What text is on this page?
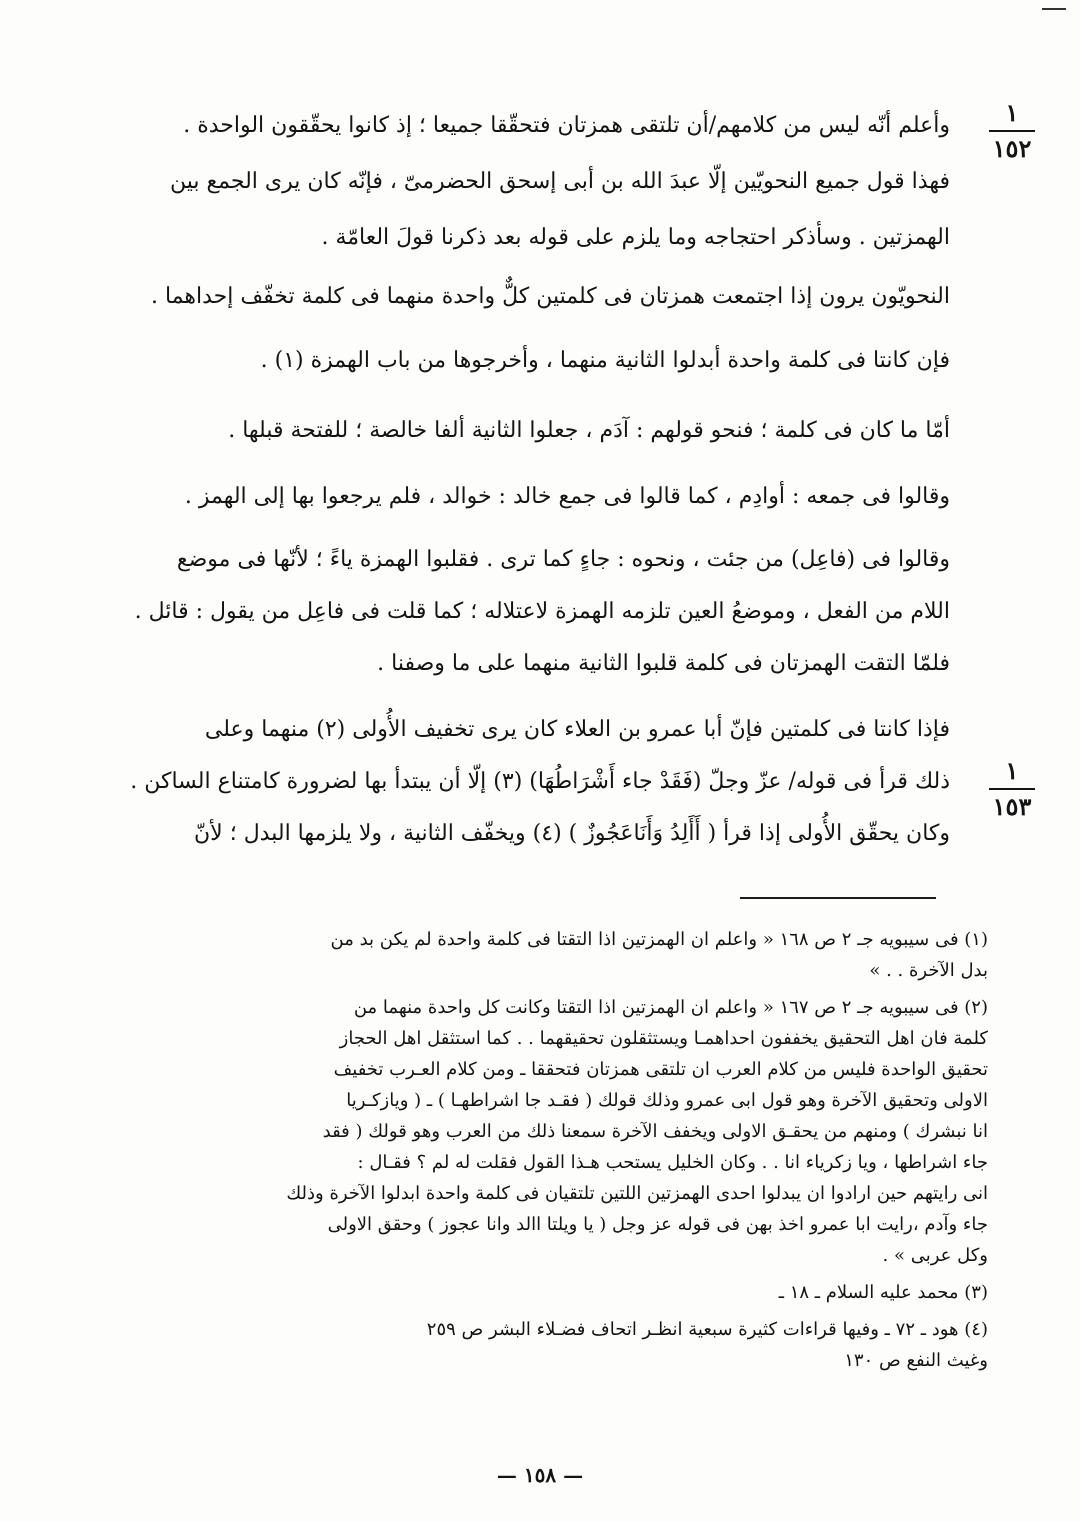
١
١٥٢
١
١٥٣
وأعلم أنّه ليس من كلامهم/أن تلتقى همزتان فتحقّقا جميعا ؛ إذ كانوا يحقّقون الواحدة .
فهذا قول جميع النحويّين إلّا عبدَ الله بن أبى إسحق الحضرمىّ ، فإنّه كان يرى الجمع بين
الهمزتين . وسأذكر احتجاجه وما يلزم على قوله بعد ذكرنا قولَ العامّة .
النحويّون يرون إذا اجتمعت همزتان فى كلمتين كلٌّ واحدة منهما فى كلمة تخفّف إحداهما .
فإن كانتا فى كلمة واحدة أبدلوا الثانية منهما ، وأخرجوها من باب الهمزة (١) .
أمّا ما كان فى كلمة ؛ فنحو قولهم : آدَم ، جعلوا الثانية ألفا خالصة ؛ للفتحة قبلها .
وقالوا فى جمعه : أوادِم ، كما قالوا فى جمع خالد : خوالد ، فلم يرجعوا بها إلى الهمز .
وقالوا فى (فاعِل) من جئت ، ونحوه : جاءٍ كما ترى . فقلبوا الهمزة ياءً ؛ لأنّها فى موضع
اللام من الفعل ، وموضعُ العين تلزمه الهمزة لاعتلاله ؛ كما قلت فى فاعِل من يقول : قائل .
فلمّا التقت الهمزتان فى كلمة قلبوا الثانية منهما على ما وصفنا .
فإذا كانتا فى كلمتين فإنّ أبا عمرو بن العلاء كان يرى تخفيف الأُولى (٢) منهما وعلى
ذلك قرأ فى قوله/ عزّ وجلّ (فَقَدْ جاء أَشْرَاطُهَا) (٣) إلّا أن يبتدأ بها لضرورة كامتناع الساكن .
وكان يحقّق الأُولى إذا قرأ ( أَأَلِدُ وَأَنَاعَجُوزٌ ) (٤) ويخفّف الثانية ، ولا يلزمها البدل ؛ لأنّ
(١) فى سيبويه جـ ٢ ص ١٦٨ « واعلم ان الهمزتين اذا التقتا فى كلمة واحدة لم يكن بد من
بدل الآخرة . . »
(٢) فى سيبويه جـ ٢ ص ١٦٧ « واعلم ان الهمزتين اذا التقتا وكانت كل واحدة منهما من
كلمة فان اهل التحقيق يخففون احداهمـا ويستثقلون تحقيقهما . . كما استثقل اهل الحجاز
تحقيق الواحدة فليس من كلام العرب ان تلتقى همزتان فتحققا ـ ومن كلام العـرب تخفيف
الاولى وتحقيق الآخرة وهو قول ابى عمرو وذلك قولك ( فقـد جا اشراطهـا ) ـ ( ويازكـريا
انا نبشرك ) ومنهم من يحقـق الاولى ويخفف الآخرة سمعنا ذلك من العرب وهو قولك ( فقد
جاء اشراطها ، ويا زكرياء انا . . وكان الخليل يستحب هـذا القول فقلت له لم ؟ فقـال :
انى رايتهم حين ارادوا ان يبدلوا احدى الهمزتين اللتين تلتقيان فى كلمة واحدة ابدلوا الآخرة وذلك
جاء وآدم ،رايت ابا عمرو اخذ بهن فى قوله عز وجل ( يا ويلتا االد وانا عجوز ) وحقق الاولى
وكل عربى » .
(٣) محمد عليه السلام ـ ١٨ ـ
(٤) هود ـ ٧٢ ـ وفيها قراءات كثيرة سبعية انظـر اتحاف فضـلاء البشر ص ٢٥٩
وغيث النفع ص ١٣٠
— ١٥٨ —
